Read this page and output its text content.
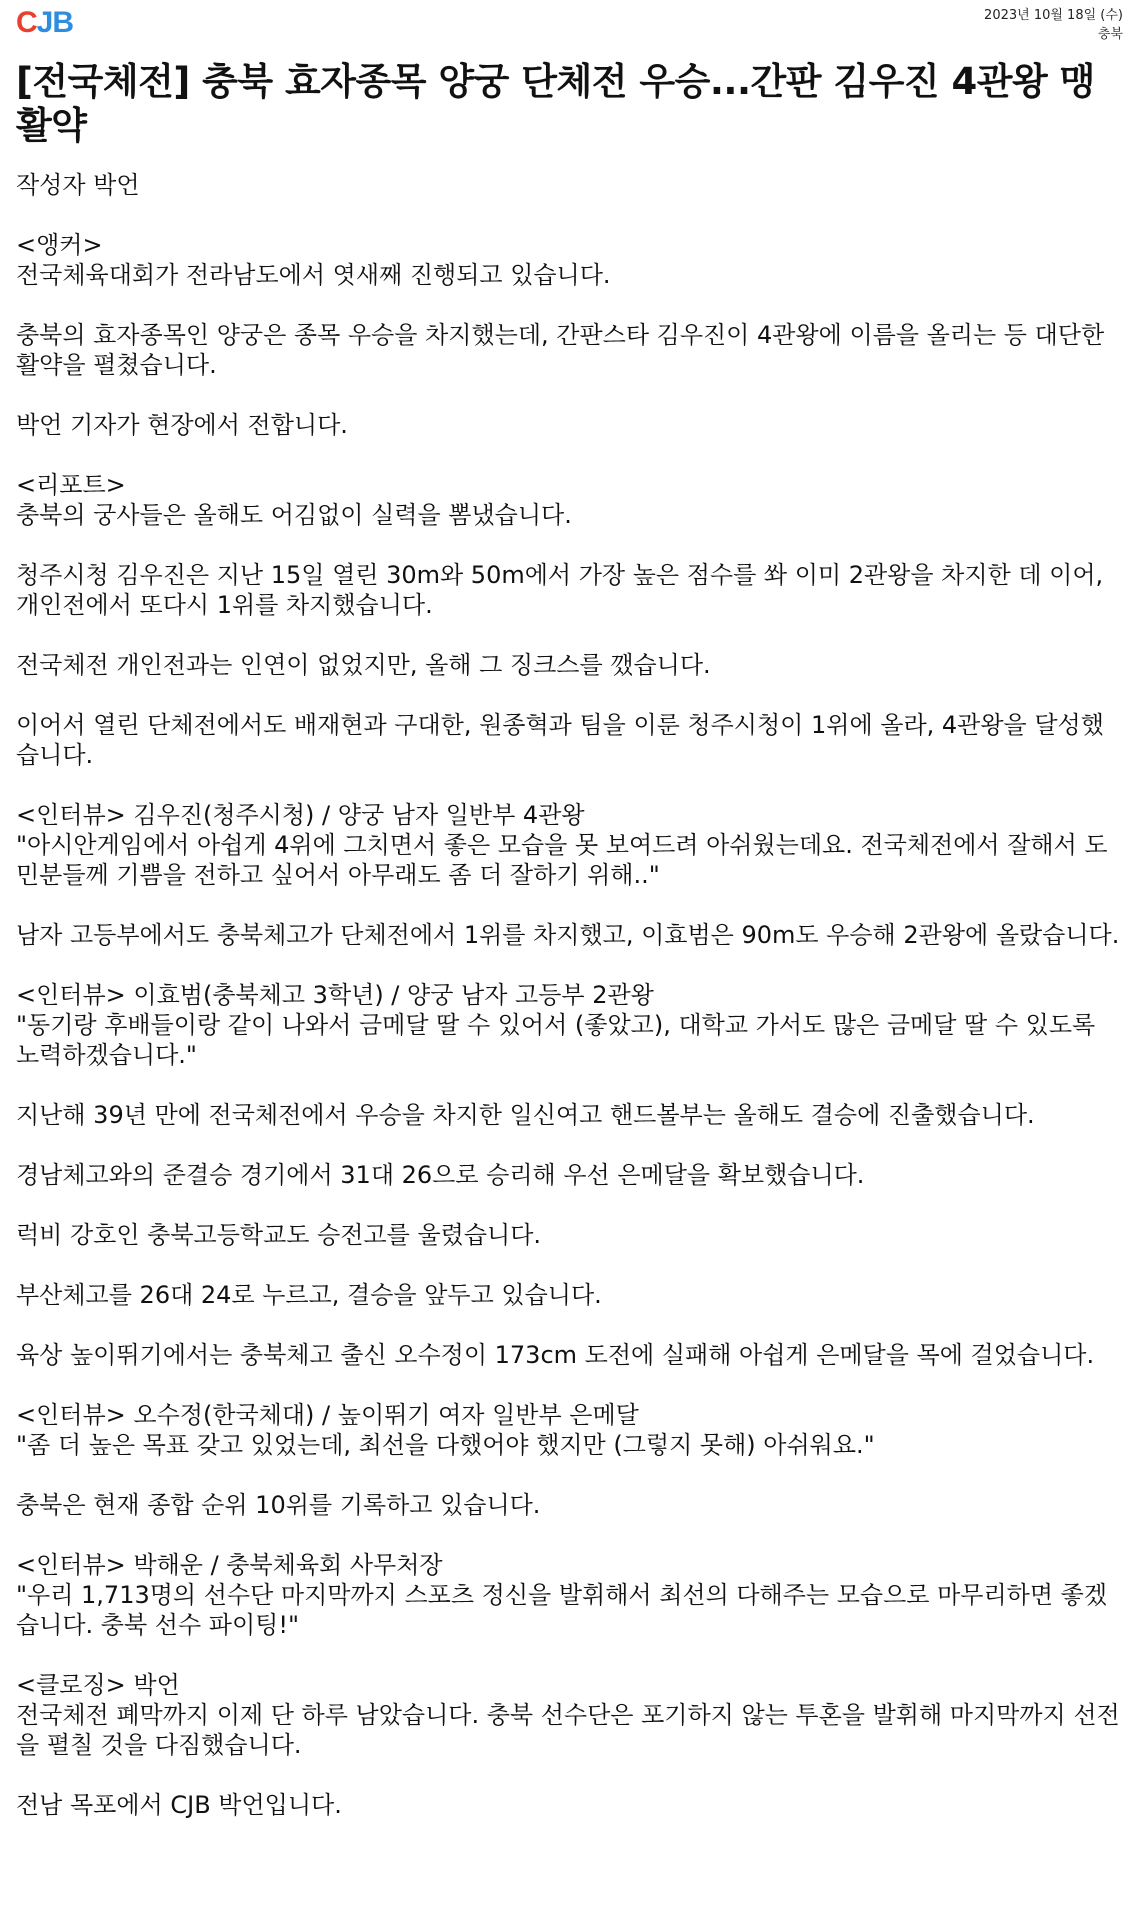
CJB	2023년 10월 18일 (수)
충북
[전국체전] 충북 효자종목 양궁 단체전 우승...간판 김우진 4관왕 맹활약
작성자 박언
<앵커>
전국체육대회가 전라남도에서 엿새째 진행되고 있습니다.
충북의 효자종목인 양궁은 종목 우승을 차지했는데, 간판스타 김우진이 4관왕에 이름을 올리는 등 대단한 활약을 펼쳤습니다.
박언 기자가 현장에서 전합니다.
<리포트>
충북의 궁사들은 올해도 어김없이 실력을 뽐냈습니다.
청주시청 김우진은 지난 15일 열린 30m와 50m에서 가장 높은 점수를 쏴 이미 2관왕을 차지한 데 이어, 개인전에서 또다시 1위를 차지했습니다.
전국체전 개인전과는 인연이 없었지만, 올해 그 징크스를 깼습니다.
이어서 열린 단체전에서도 배재현과 구대한, 원종혁과 팀을 이룬 청주시청이 1위에 올라, 4관왕을 달성했습니다.
<인터뷰> 김우진(청주시청) / 양궁 남자 일반부 4관왕
"아시안게임에서 아쉽게 4위에 그치면서 좋은 모습을 못 보여드려 아쉬웠는데요. 전국체전에서 잘해서 도민분들께 기쁨을 전하고 싶어서 아무래도 좀 더 잘하기 위해.."
남자 고등부에서도 충북체고가 단체전에서 1위를 차지했고, 이효범은 90m도 우승해 2관왕에 올랐습니다.
<인터뷰> 이효범(충북체고 3학년) / 양궁 남자 고등부 2관왕
"동기랑 후배들이랑 같이 나와서 금메달 딸 수 있어서 (좋았고), 대학교 가서도 많은 금메달 딸 수 있도록 노력하겠습니다."
지난해 39년 만에 전국체전에서 우승을 차지한 일신여고 핸드볼부는 올해도 결승에 진출했습니다.
경남체고와의 준결승 경기에서 31대 26으로 승리해 우선 은메달을 확보했습니다.
럭비 강호인 충북고등학교도 승전고를 울렸습니다.
부산체고를 26대 24로 누르고, 결승을 앞두고 있습니다.
육상 높이뛰기에서는 충북체고 출신 오수정이 173cm 도전에 실패해 아쉽게 은메달을 목에 걸었습니다.
<인터뷰> 오수정(한국체대) / 높이뛰기 여자 일반부 은메달
"좀 더 높은 목표 갖고 있었는데, 최선을 다했어야 했지만 (그렇지 못해) 아쉬워요."
충북은 현재 종합 순위 10위를 기록하고 있습니다.
<인터뷰> 박해운 / 충북체육회 사무처장
"우리 1,713명의 선수단 마지막까지 스포츠 정신을 발휘해서 최선의 다해주는 모습으로 마무리하면 좋겠습니다. 충북 선수 파이팅!"
<클로징> 박언
전국체전 폐막까지 이제 단 하루 남았습니다. 충북 선수단은 포기하지 않는 투혼을 발휘해 마지막까지 선전을 펼칠 것을 다짐했습니다.
전남 목포에서 CJB 박언입니다.
